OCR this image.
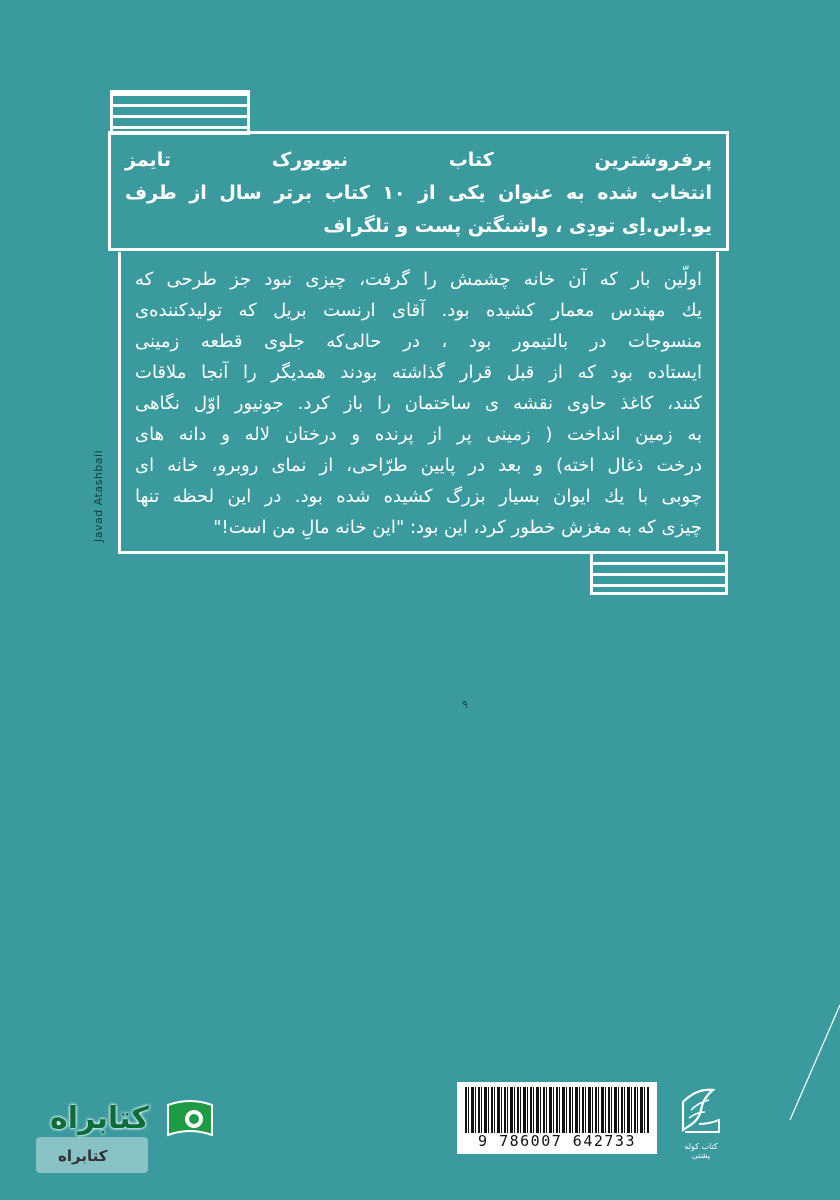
پرفروشترین کتاب نیویورک تایمز
انتخاب شده به عنوان یکی از ۱۰ کتاب برتر سال از طرف
یو.اِس.اِی تودِی ، واشنگتن پست و تلگراف
اولّین بار که آن خانه چشمش را گرفت، چیزی نبود جز طرحی که
یك مهندس معمار کشیده بود. آقای ارنست بریل که تولیدکننده‌ی
منسوجات در بالتیمور بود ، در حالی‌که جلوی قطعه زمینی
ایستاده بود که از قبل قرار گذاشته بودند همدیگر را آنجا ملاقات
کنند، کاغذ حاوی نقشه ی ساختمان را باز کرد. جونیور اوّل نگاهی
به زمین انداخت ( زمینی پر از پرنده و درختان لاله و دانه های
درخت ذغال اخته) و بعد در پایین طرّاحی، از نمای روبرو، خانه ای
چوبی با یك ایوان بسیار بزرگ کشیده شده بود. در این لحظه تنها
چیزی که به مغزش خطور کرد، این بود: "این خانه مالِ من است!"
Javad Atashbaii
۹
9 786007 642733	کتاب کوله پشتی
کتابراه
کتابراه
